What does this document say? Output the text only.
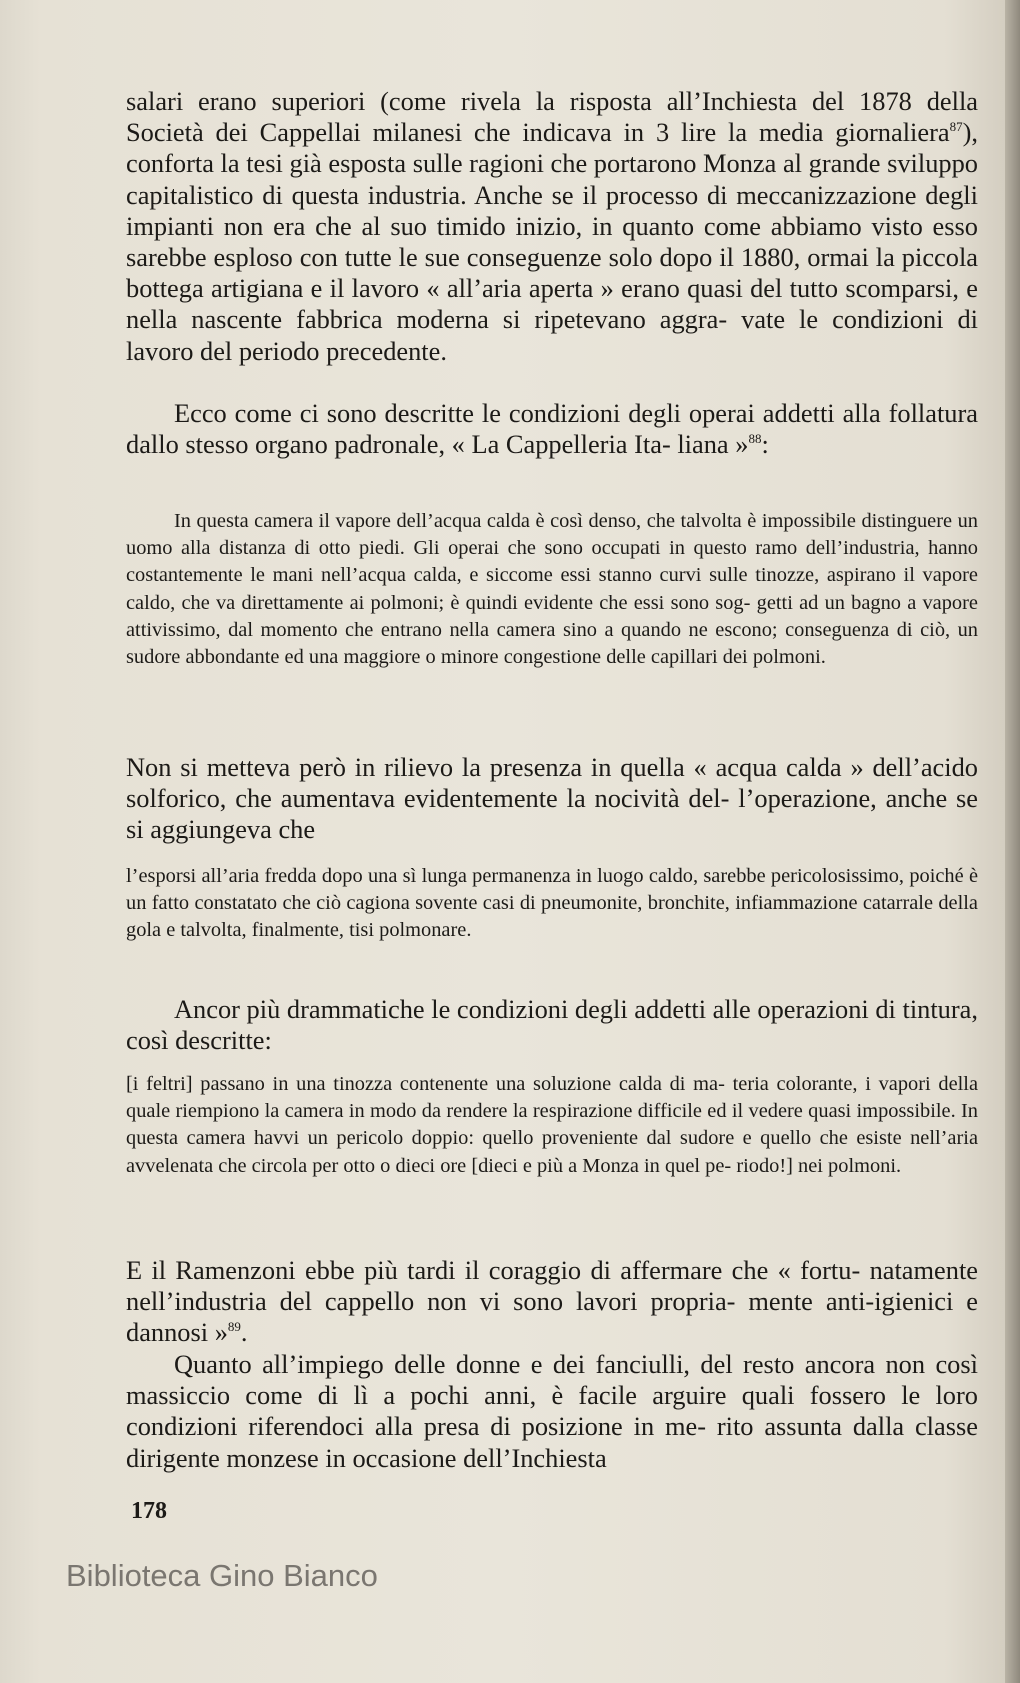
salari erano superiori (come rivela la risposta all’Inchiesta del 1878 della Società dei Cappellai milanesi che indicava in 3 lire la media giornaliera$^{87}$), conforta la tesi già esposta sulle ragioni che portarono Monza al grande sviluppo capitalistico di questa industria. Anche se il processo di meccanizzazione degli impianti non era che al suo timido inizio, in quanto come abbiamo visto esso sarebbe esploso con tutte le sue conseguenze solo dopo il 1880, ormai la piccola bottega artigiana e il lavoro « all’aria aperta » erano quasi del tutto scomparsi, e nella nascente fabbrica moderna si ripetevano aggra- vate le condizioni di lavoro del periodo precedente.

Ecco come ci sono descritte le condizioni degli operai addetti alla follatura dallo stesso organo padronale, « La Cappelleria Ita- liana »$^{88}$:

In questa camera il vapore dell’acqua calda è così denso, che talvolta è impossibile distinguere un uomo alla distanza di otto piedi. Gli operai che sono occupati in questo ramo dell’industria, hanno costantemente le mani nell’acqua calda, e siccome essi stanno curvi sulle tinozze, aspirano il vapore caldo, che va direttamente ai polmoni; è quindi evidente che essi sono sog- getti ad un bagno a vapore attivissimo, dal momento che entrano nella camera sino a quando ne escono; conseguenza di ciò, un sudore abbondante ed una maggiore o minore congestione delle capillari dei polmoni.

Non si metteva però in rilievo la presenza in quella « acqua calda » dell’acido solforico, che aumentava evidentemente la nocività del- l’operazione, anche se si aggiungeva che

l’esporsi all’aria fredda dopo una sì lunga permanenza in luogo caldo, sarebbe pericolosissimo, poiché è un fatto constatato che ciò cagiona sovente casi di pneumonite, bronchite, infiammazione catarrale della gola e talvolta, finalmente, tisi polmonare.

Ancor più drammatiche le condizioni degli addetti alle operazioni di tintura, così descritte:

[i feltri] passano in una tinozza contenente una soluzione calda di ma- teria colorante, i vapori della quale riempiono la camera in modo da rendere la respirazione difficile ed il vedere quasi impossibile. In questa camera havvi un pericolo doppio: quello proveniente dal sudore e quello che esiste nell’aria avvelenata che circola per otto o dieci ore [dieci e più a Monza in quel pe- riodo!] nei polmoni.

E il Ramenzoni ebbe più tardi il coraggio di affermare che « fortu- natamente nell’industria del cappello non vi sono lavori propria- mente anti-igienici e dannosi »$^{89}$.

Quanto all’impiego delle donne e dei fanciulli, del resto ancora non così massiccio come di lì a pochi anni, è facile arguire quali fossero le loro condizioni riferendoci alla presa di posizione in me- rito assunta dalla classe dirigente monzese in occasione dell’Inchiesta

178
Biblioteca Gino Bianco
